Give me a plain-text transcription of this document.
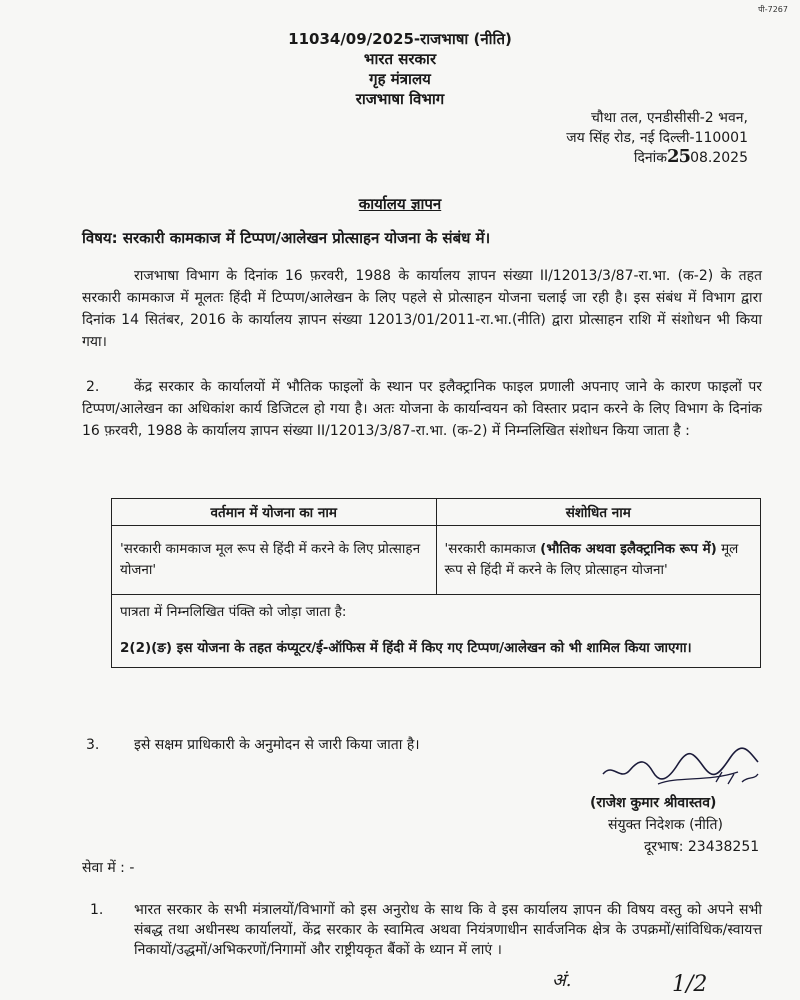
पी-7267
11034/09/2025-राजभाषा (नीति)
भारत सरकार
गृह मंत्रालय
राजभाषा विभाग
चौथा तल, एनडीसीसी-2 भवन,
जय सिंह रोड, नई दिल्ली-110001
दिनांक2508.2025
कार्यालय ज्ञापन
विषय: सरकारी कामकाज में टिप्पण/आलेखन प्रोत्साहन योजना के संबंध में।
राजभाषा विभाग के दिनांक 16 फ़रवरी, 1988 के कार्यालय ज्ञापन संख्या II/12013/3/87-रा.भा. (क-2) के तहत सरकारी कामकाज में मूलतः हिंदी में टिप्पण/आलेखन के लिए पहले से प्रोत्साहन योजना चलाई जा रही है। इस संबंध में विभाग द्वारा दिनांक 14 सितंबर, 2016 के कार्यालय ज्ञापन संख्या 12013/01/2011-रा.भा.(नीति) द्वारा प्रोत्साहन राशि में संशोधन भी किया गया।
2. केंद्र सरकार के कार्यालयों में भौतिक फाइलों के स्थान पर इलैक्ट्रानिक फाइल प्रणाली अपनाए जाने के कारण फाइलों पर टिप्पण/आलेखन का अधिकांश कार्य डिजिटल हो गया है। अतः योजना के कार्यान्वयन को विस्तार प्रदान करने के लिए विभाग के दिनांक 16 फ़रवरी, 1988 के कार्यालय ज्ञापन संख्या II/12013/3/87-रा.भा. (क-2) में निम्नलिखित संशोधन किया जाता है :
वर्तमान में योजना का नाम	संशोधित नाम
'सरकारी कामकाज मूल रूप से हिंदी में करने के लिए प्रोत्साहन योजना'	'सरकारी कामकाज (भौतिक अथवा इलैक्ट्रानिक रूप में) मूल रूप से हिंदी में करने के लिए प्रोत्साहन योजना'

पात्रता में निम्नलिखित पंक्ति को जोड़ा जाता है:
2(2)(ङ) इस योजना के तहत कंप्यूटर/ई-ऑफिस में हिंदी में किए गए टिप्पण/आलेखन को भी शामिल किया जाएगा।	
3. इसे सक्षम प्राधिकारी के अनुमोदन से जारी किया जाता है।
(राजेश कुमार श्रीवास्तव)
संयुक्त निदेशक (नीति)
दूरभाष: 23438251
सेवा में : -
1. भारत सरकार के सभी मंत्रालयों/विभागों को इस अनुरोध के साथ कि वे इस कार्यालय ज्ञापन की विषय वस्तु को अपने सभी संबद्ध तथा अधीनस्थ कार्यालयों, केंद्र सरकार के स्वामित्व अथवा नियंत्रणाधीन सार्वजनिक क्षेत्र के उपक्रमों/सांविधिक/स्वायत्त निकायों/उद्धमों/अभिकरणों/निगामों और राष्ट्रीयकृत बैंकों के ध्यान में लाएं ।
अं.	1/2
